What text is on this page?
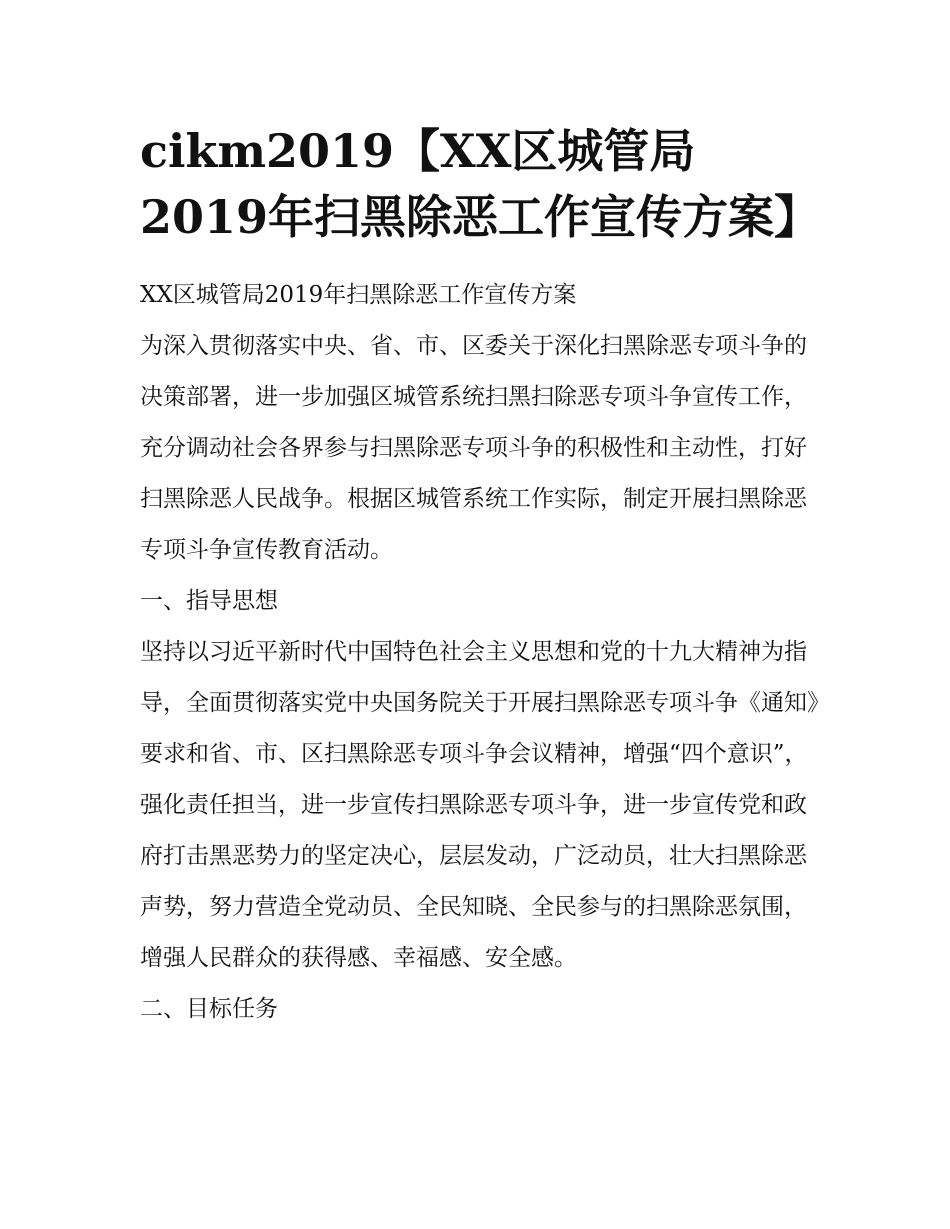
cikm2019【XX区城管局2019年扫黑除恶工作宣传方案】

XX区城管局2019年扫黑除恶工作宣传方案

为深入贯彻落实中央、省、市、区委关于深化扫黑除恶专项斗争的决策部署，进一步加强区城管系统扫黑扫除恶专项斗争宣传工作，充分调动社会各界参与扫黑除恶专项斗争的积极性和主动性，打好扫黑除恶人民战争。根据区城管系统工作实际，制定开展扫黑除恶专项斗争宣传教育活动。

一、指导思想

坚持以习近平新时代中国特色社会主义思想和党的十九大精神为指导，全面贯彻落实党中央国务院关于开展扫黑除恶专项斗争《通知》要求和省、市、区扫黑除恶专项斗争会议精神，增强“四个意识”，强化责任担当，进一步宣传扫黑除恶专项斗争，进一步宣传党和政府打击黑恶势力的坚定决心，层层发动，广泛动员，壮大扫黑除恶声势，努力营造全党动员、全民知晓、全民参与的扫黑除恶氛围，增强人民群众的获得感、幸福感、安全感。

二、目标任务
